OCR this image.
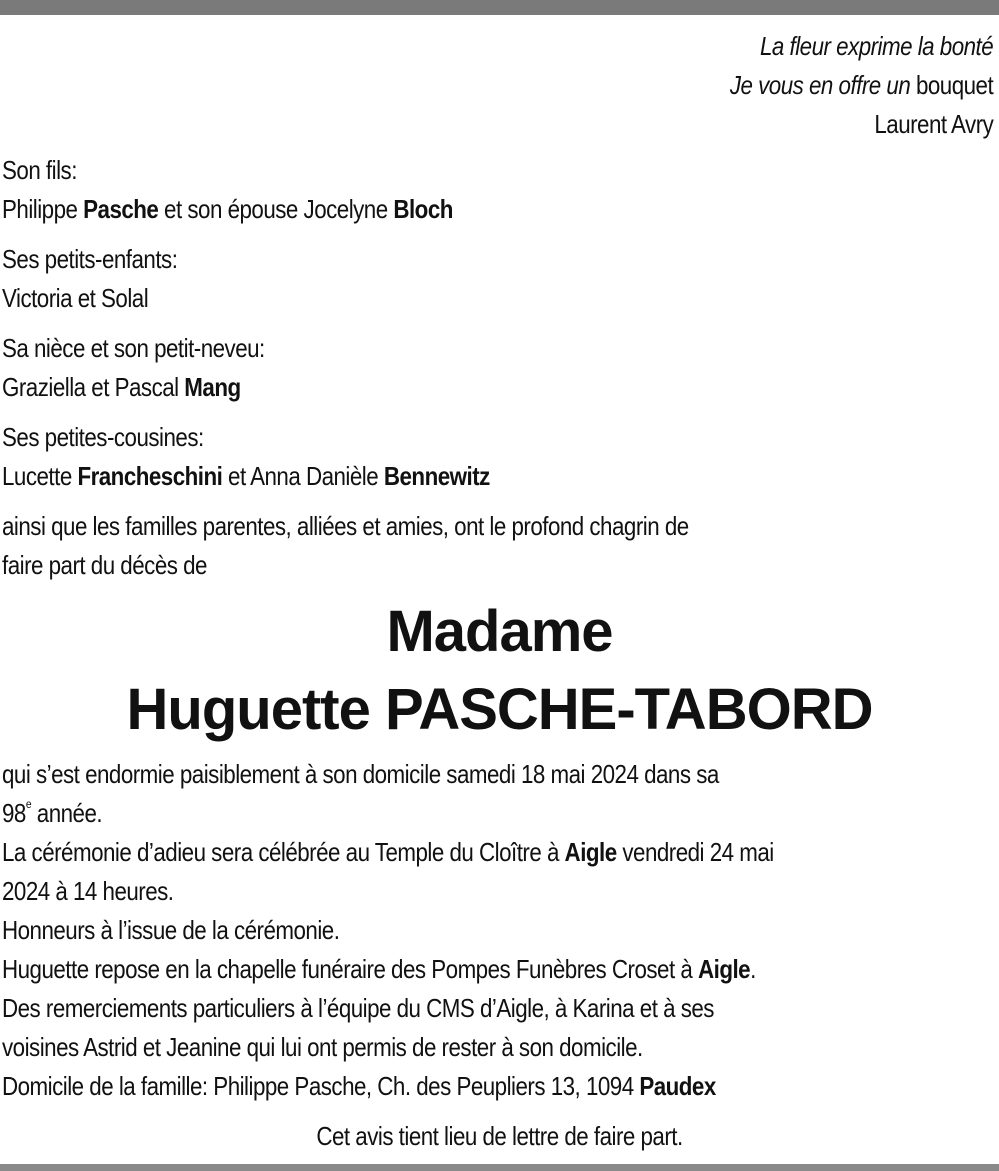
La fleur exprime la bonté
Je vous en offre un bouquet
Laurent Avry
Son fils:
Philippe Pasche et son épouse Jocelyne Bloch
Ses petits-enfants:
Victoria et Solal
Sa nièce et son petit-neveu:
Graziella et Pascal Mang
Ses petites-cousines:
Lucette Francheschini et Anna Danièle Bennewitz
ainsi que les familles parentes, alliées et amies, ont le profond chagrin de
faire part du décès de
Madame
Huguette PASCHE-TABORD
qui s’est endormie paisiblement à son domicile samedi 18 mai 2024 dans sa
98e année.
La cérémonie d’adieu sera célébrée au Temple du Cloître à Aigle vendredi 24 mai
2024 à 14 heures.
Honneurs à l’issue de la cérémonie.
Huguette repose en la chapelle funéraire des Pompes Funèbres Croset à Aigle.
Des remerciements particuliers à l’équipe du CMS d’Aigle, à Karina et à ses
voisines Astrid et Jeanine qui lui ont permis de rester à son domicile.
Domicile de la famille: Philippe Pasche, Ch. des Peupliers 13, 1094 Paudex
Cet avis tient lieu de lettre de faire part.
